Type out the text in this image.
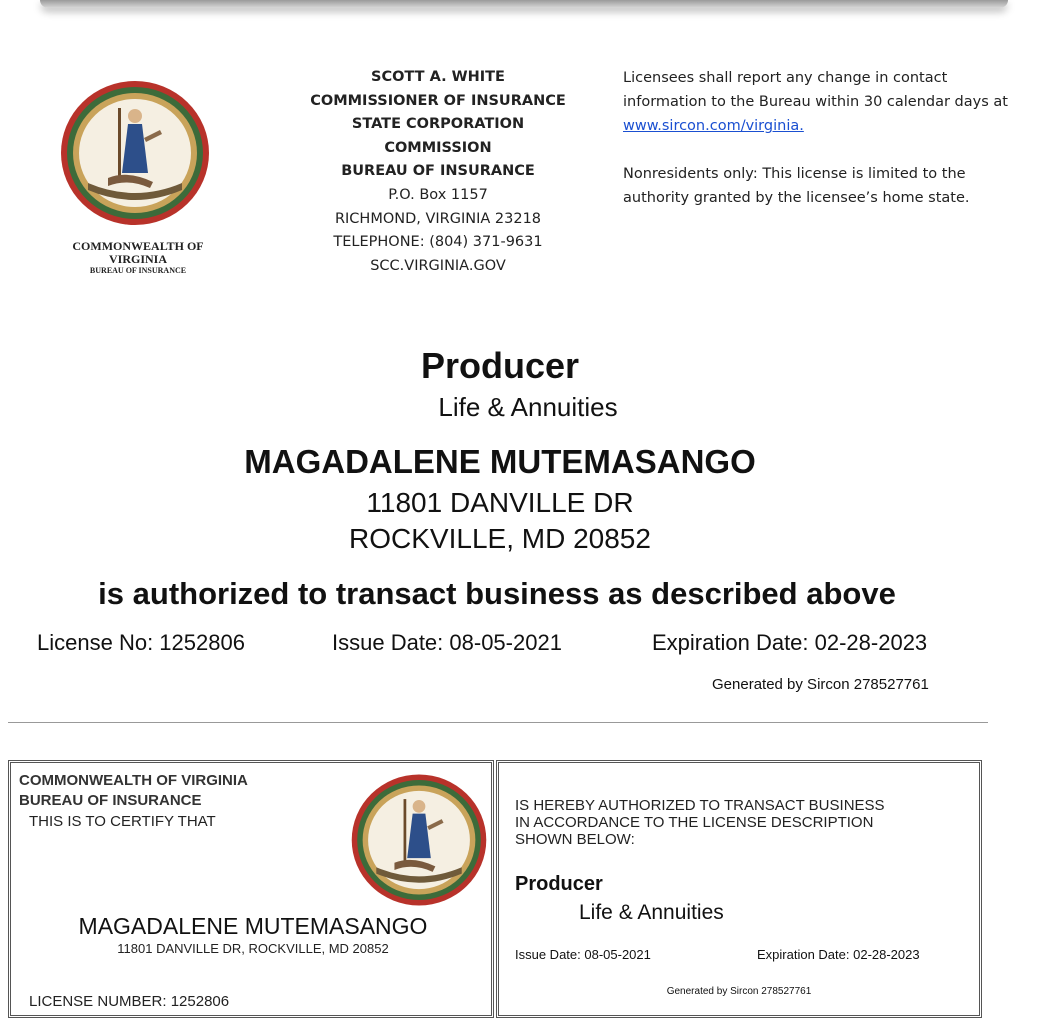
COMMONWEALTH OF
VIRGINIA
BUREAU OF INSURANCE
SCOTT A. WHITE
COMMISSIONER OF INSURANCE
STATE CORPORATION
COMMISSION
BUREAU OF INSURANCE
P.O. Box 1157
RICHMOND, VIRGINIA 23218
TELEPHONE: (804) 371-9631
SCC.VIRGINIA.GOV
Licensees shall report any change in contact
information to the Bureau within 30 calendar days at
www.sircon.com/virginia.
Nonresidents only: This license is limited to the
authority granted by the licensee’s home state.
Producer
Life & Annuities
MAGADALENE MUTEMASANGO
11801 DANVILLE DR
ROCKVILLE, MD 20852
is authorized to transact business as described above
License No: 1252806	Issue Date: 08-05-2021	Expiration Date: 02-28-2023
Generated by Sircon 278527761
COMMONWEALTH OF VIRGINIA
BUREAU OF INSURANCE
THIS IS TO CERTIFY THAT
MAGADALENE MUTEMASANGO
11801 DANVILLE DR, ROCKVILLE, MD 20852
LICENSE NUMBER: 1252806
IS HEREBY AUTHORIZED TO TRANSACT BUSINESS
IN ACCORDANCE TO THE LICENSE DESCRIPTION
SHOWN BELOW:
Producer
Life & Annuities
Issue Date: 08-05-2021	Expiration Date: 02-28-2023
Generated by Sircon 278527761
